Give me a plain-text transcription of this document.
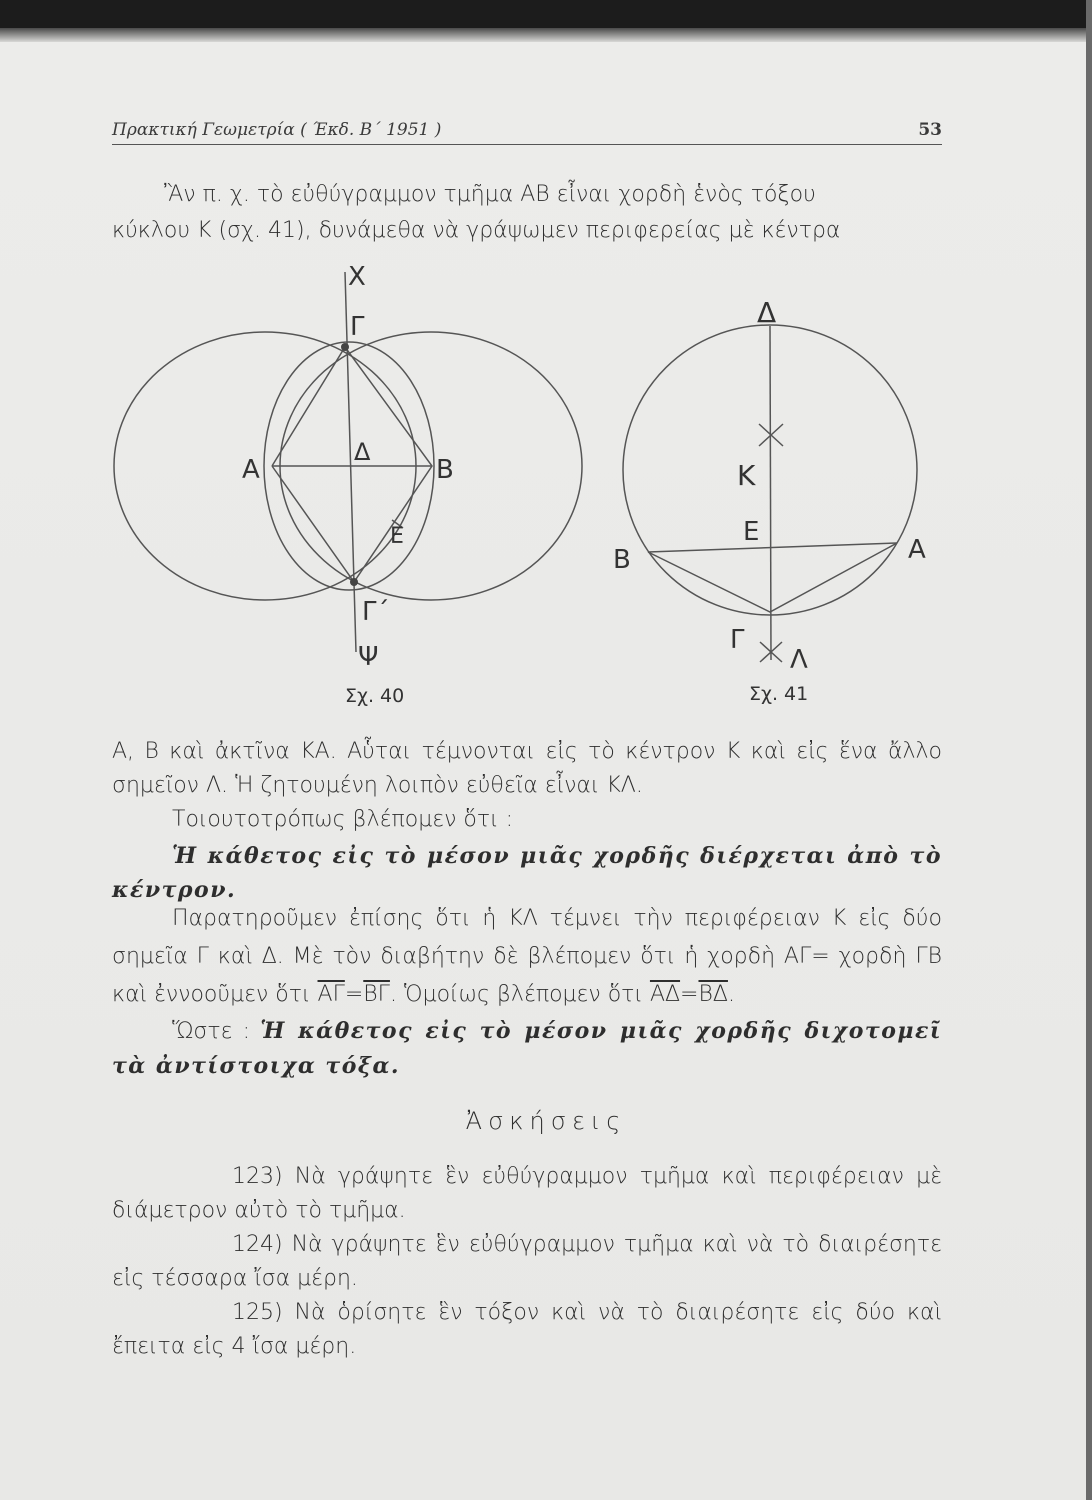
Πρακτική Γεωμετρία ( Έκδ. Β΄ 1951 )	53
Ἂν π. χ. τὸ εὐθύγραμμον τμῆμα ΑΒ εἶναι χορδὴ ἑνὸς τόξου
κύκλου Κ (σχ. 41), δυνάμεθα νὰ γράψωμεν περιφερείας μὲ κέντρα
Χ
Γ
Α
Δ
Β
Ε
Γ΄
Ψ
Σχ. 40
Δ
Κ
Ε
Β	Α
Γ
Λ
Σχ. 41
Α, Β καὶ ἀκτῖνα ΚΑ. Αὗται τέμνονται εἰς τὸ κέντρον Κ καὶ εἰς ἕνα ἄλλο σημεῖον Λ. Ἡ ζητουμένη λοιπὸν εὐθεῖα εἶναι ΚΛ.
Τοιουτοτρόπως βλέπομεν ὅτι :
Ἡ κάθετος εἰς τὸ μέσον μιᾶς χορδῆς διέρχεται ἀπὸ τὸ κέντρον.
Παρατηροῦμεν ἐπίσης ὅτι ἡ ΚΛ τέμνει τὴν περιφέρειαν Κ εἰς δύο σημεῖα Γ καὶ Δ. Μὲ τὸν διαβήτην δὲ βλέπομεν ὅτι ἡ χορδὴ ΑΓ= χορδὴ ΓΒ καὶ ἐννοοῦμεν ὅτι $\overline{A\Gamma}=\overline{B\Gamma}$. Ὁμοίως βλέπομεν ὅτι $\overline{A\Delta}=\overline{B\Delta}$.
Ὥστε : Ἡ κάθετος εἰς τὸ μέσον μιᾶς χορδῆς διχοτομεῖ τὰ ἀντίστοιχα τόξα.
Ἀσκήσεις
123) Νὰ γράψητε ἓν εὐθύγραμμον τμῆμα καὶ περιφέρειαν μὲ διάμετρον αὐτὸ τὸ τμῆμα.
124) Νὰ γράψητε ἓν εὐθύγραμμον τμῆμα καὶ νὰ τὸ διαιρέσητε εἰς τέσσαρα ἴσα μέρη.
125) Νὰ ὁρίσητε ἓν τόξον καὶ νὰ τὸ διαιρέσητε εἰς δύο καὶ ἔπειτα εἰς 4 ἴσα μέρη.
